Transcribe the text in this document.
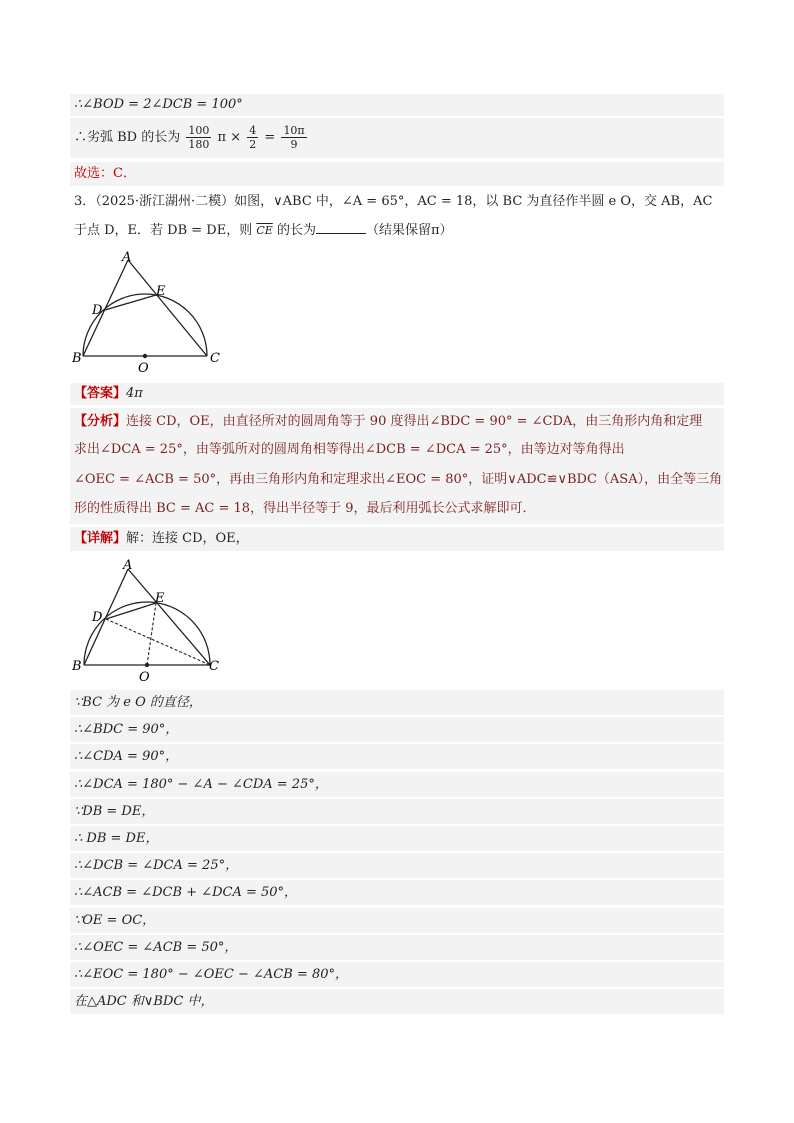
∴∠BOD = 2∠DCB = 100°
∴劣弧 BD 的长为 $\frac{100}{180}$ $\pi \times \frac{4}{2} = \frac{10\pi}{9}$
故选：C．
3．（2025·浙江湖州·二模）如图，∨ABC 中，∠A = 65°，AC = 18，以 BC 为直径作半圆 e O，交 AB，AC
于点 D，E．若 DB = DE，则 $\overline{CE}$ 的长为	（结果保留π）
A
B	C
D
E
O
【答案】4π
【分析】连接 CD，OE，由直径所对的圆周角等于 90 度得出∠BDC = 90° = ∠CDA，由三角形内角和定理
求出∠DCA = 25°，由等弧所对的圆周角相等得出∠DCB = ∠DCA = 25°，由等边对等角得出
∠OEC = ∠ACB = 50°，再由三角形内角和定理求出∠EOC = 80°，证明∨ADC≌∨BDC（ASA），由全等三角
形的性质得出 BC = AC = 18，得出半径等于 9，最后利用弧长公式求解即可．
【详解】解：连接 CD，OE，
A
B	C
D
E
O
∵BC 为 e O 的直径，
∴∠BDC = 90°，
∴∠CDA = 90°，
∴∠DCA = 180° − ∠A − ∠CDA = 25°，
∵DB = DE，
∴ DB = DE，
∴∠DCB = ∠DCA = 25°，
∴∠ACB = ∠DCB + ∠DCA = 50°，
∵OE = OC，
∴∠OEC = ∠ACB = 50°，
∴∠EOC = 180° − ∠OEC − ∠ACB = 80°，
在△ADC 和∨BDC 中，
